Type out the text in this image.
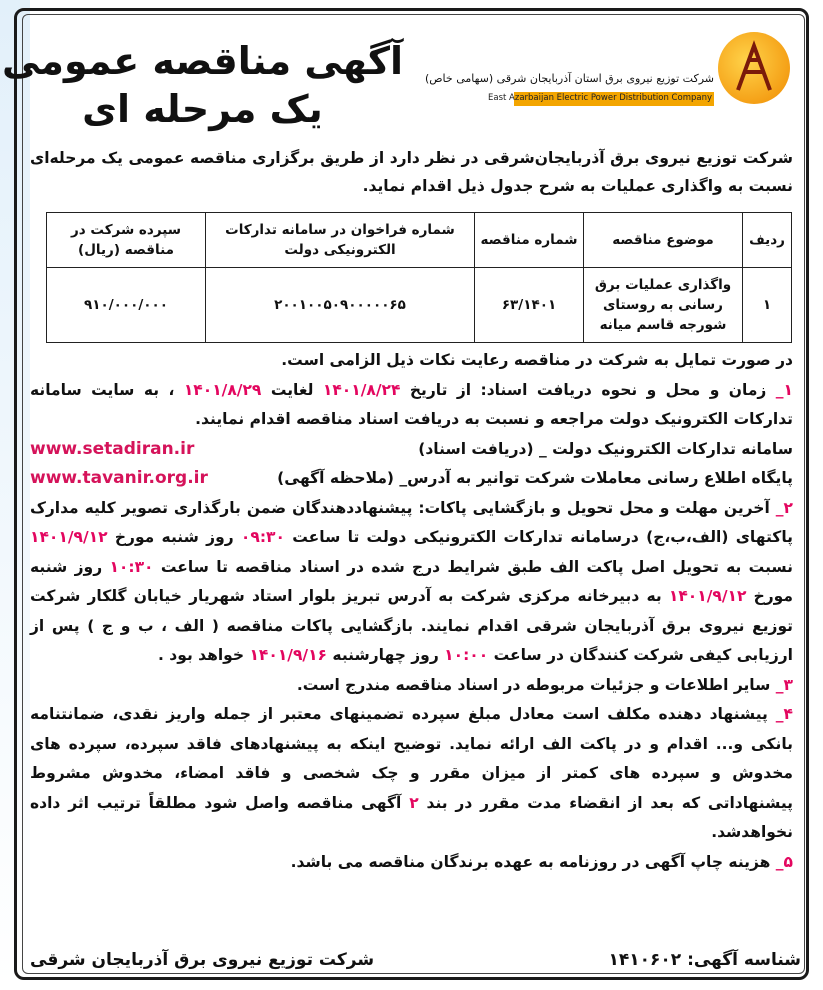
شرکت توزیع نیروی برق استان آذربایجان شرقی (سهامی خاص)
East Azarbaijan Electric Power Distribution Company
آگهی مناقصه عمومی
یک مرحله ای
شرکت توزیع نیروی برق آذربایجان‌شرقی در نظر دارد از طریق برگزاری مناقصه عمومی یک مرحله‌ای نسبت به واگذاری عملیات به شرح جدول ذیل اقدام نماید.
ردیف	موضوع مناقصه	شماره مناقصه	شماره فراخوان در سامانه تدارکات الکترونیکی دولت	سپرده شرکت در مناقصه (ریال)
۱	واگذاری عملیات برق رسانی به روستای شورجه قاسم میانه	۶۳/۱۴۰۱	۲۰۰۱۰۰۵۰۹۰۰۰۰۰۶۵	۹۱۰/۰۰۰/۰۰۰
در صورت تمایل به شرکت در مناقصه رعایت نکات ذیل الزامی است.
۱_ زمان و محل و نحوه دریافت اسناد: از تاریخ ۱۴۰۱/۸/۲۴ لغایت ۱۴۰۱/۸/۲۹ ، به سایت سامانه تدارکات الکترونیک دولت مراجعه و نسبت به دریافت اسناد مناقصه اقدام نمایند.
سامانه تدارکات الکترونیک دولت _ (دریافت اسناد)
www.setadiran.ir
پایگاه اطلاع رسانی معاملات شرکت توانیر به آدرس_ (ملاحظه آگهی)
www.tavanir.org.ir
۲_ آخرین مهلت و محل تحویل و بازگشایی پاکات: پیشنهاددهندگان ضمن بارگذاری تصویر کلیه مدارک پاکتهای (الف،ب،ج) درسامانه تدارکات الکترونیکی دولت تا ساعت ۰۹:۳۰ روز شنبه مورخ ۱۴۰۱/۹/۱۲ نسبت به تحویل اصل پاکت الف طبق شرایط درج شده در اسناد مناقصه تا ساعت ۱۰:۳۰ روز شنبه مورخ ۱۴۰۱/۹/۱۲ به دبیرخانه مرکزی شرکت به آدرس تبریز بلوار استاد شهریار خیابان گلکار شرکت توزیع نیروی برق آذربایجان شرقی اقدام نمایند. بازگشایی پاکات مناقصه ( الف ، ب و ج ) پس از ارزیابی کیفی شرکت کنندگان در ساعت ۱۰:۰۰ روز چهارشنبه ۱۴۰۱/۹/۱۶ خواهد بود .
۳_ سایر اطلاعات و جزئیات مربوطه در اسناد مناقصه مندرج است.
۴_ پیشنهاد دهنده مکلف است معادل مبلغ سپرده تضمینهای معتبر از جمله واریز نقدی، ضمانتنامه بانکی و... اقدام و در پاکت الف ارائه نماید. توضیح اینکه به پیشنهادهای فاقد سپرده، سپرده های مخدوش و سپرده های کمتر از میزان مقرر و چک شخصی و فاقد امضاء، مخدوش مشروط پیشنهاداتی که بعد از انقضاء مدت مقرر در بند ۲ آگهی مناقصه واصل شود مطلقاً ترتیب اثر داده نخواهدشد.
۵_ هزینه چاپ آگهی در روزنامه به عهده برندگان مناقصه می باشد.
شناسه آگهی: ۱۴۱۰۶۰۲
شرکت توزیع نیروی برق آذربایجان شرقی
